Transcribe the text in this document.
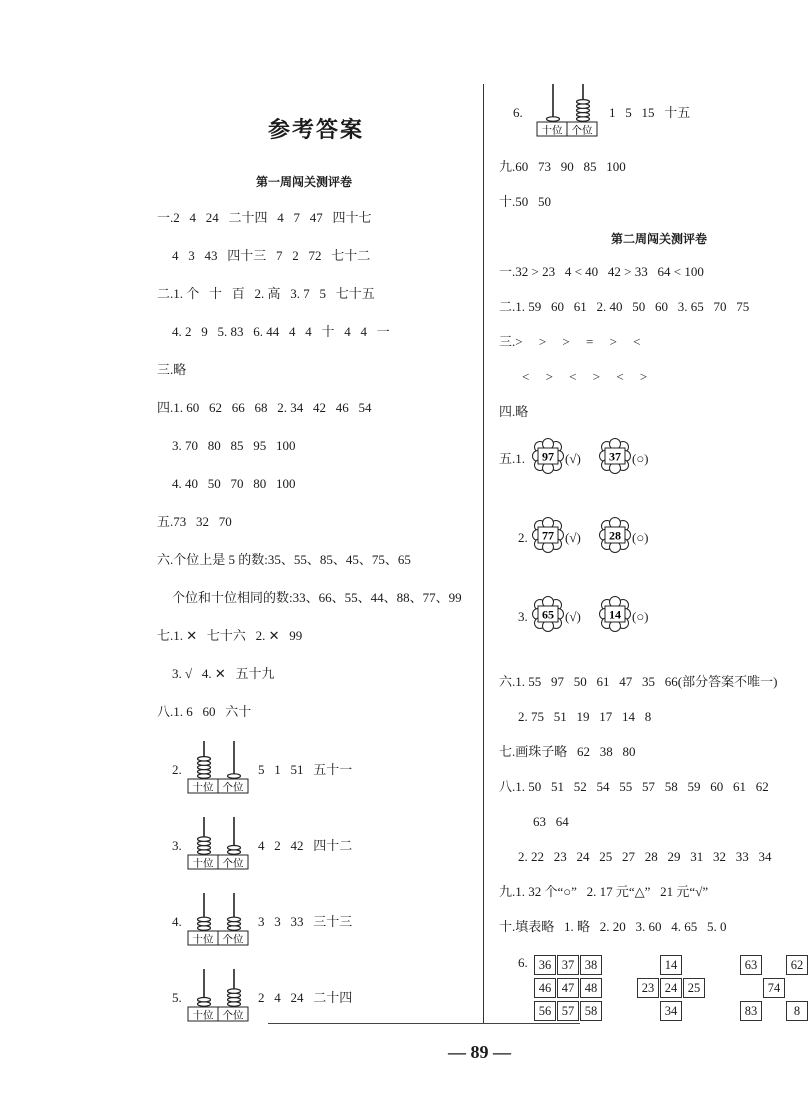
参考答案
第一周闯关测评卷
一.2   4   24   二十四   4   7   47   四十七
4   3   43   四十三   7   2   72   七十二
二.1. 个   十   百   2. 高   3. 7   5   七十五
4. 2   9   5. 83   6. 44   4   4   十   4   4   一
三.略
四.1. 60   62   66   68   2. 34   42   46   54
3. 70   80   85   95   100
4. 40   50   70   80   100
五.73   32   70
六.个位上是 5 的数:35、55、85、45、75、65
个位和十位相同的数:33、66、55、44、88、77、99
七.1. ✕   七十六   2. ✕   99
3. √   4. ✕   五十九
八.1. 6   60   六十
2.
十位 个位
5   1   51   五十一
3.
十位 个位
4   2   42   四十二
4.
十位 个位
3   3   33   三十三
5.
十位 个位
2   4   24   二十四
6.
十位 个位
1   5   15   十五
九.60   73   90   85   100
十.50   50
第二周闯关测评卷
一.32 > 23   4 < 40   42 > 33   64 < 100
二.1. 59   60   61   2. 40   50   60   3. 65   70   75
三.>     >     >     =     >     <
<     >     <     >     <     >
四.略
五.1. 97 (√) 37 (○)
2. 77 (√) 28 (○)
3. 65 (√) 14 (○)
六.1. 55   97   50   61   47   35   66(部分答案不唯一)
2. 75   51   19   17   14   8
七.画珠子略   62   38   80
八.1. 50   51   52   54   55   57   58   59   60   61   62
63   64
2. 22   23   24   25   27   28   29   31   32   33   34
九.1. 32 个“○”   2. 17 元“△”   21 元“√”
十.填表略   1. 略   2. 20   3. 60   4. 65   5. 0
6. 36 37 38
46 47 48
56 57 58
14
23 24 25
34
63	62
74
83	8
— 89 —
